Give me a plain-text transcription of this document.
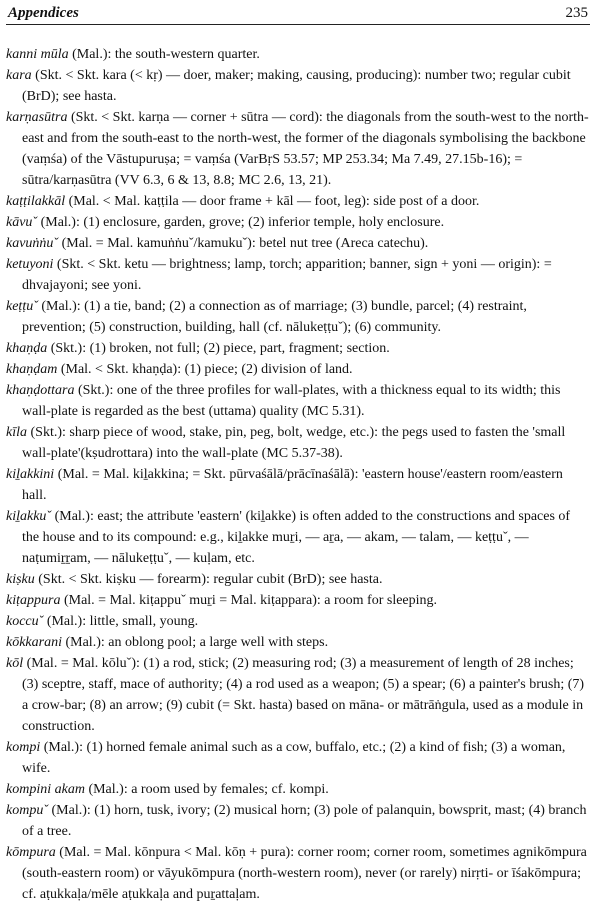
Appendices	235

kanni mūla (Mal.): the south-western quarter.

kara (Skt. < Skt. kara (< kṛ) — doer, maker; making, causing, producing): number two; regular cubit (BrD); see hasta.

karṇasūtra (Skt. < Skt. karṇa — corner + sūtra — cord): the diagonals from the south-west to the north-east and from the south-east to the north-west, the former of the diagonals symbolising the backbone (vaṃśa) of the Vāstupuruṣa; = vaṃśa (VarBṛS 53.57; MP 253.34; Ma 7.49, 27.15b-16); = sūtra/karṇasūtra (VV 6.3, 6 & 13, 8.8; MC 2.6, 13, 21).

kaṭṭilakkāl (Mal. < Mal. kaṭṭila — door frame + kāl — foot, leg): side post of a door.

kāvuˇ (Mal.): (1) enclosure, garden, grove; (2) inferior temple, holy enclosure.

kavuṅṅuˇ (Mal. = Mal. kamuṅṅuˇ/kamukuˇ): betel nut tree (Areca catechu).

ketuyoni (Skt. < Skt. ketu — brightness; lamp, torch; apparition; banner, sign + yoni — origin): = dhvajayoni; see yoni.

keṭṭuˇ (Mal.): (1) a tie, band; (2) a connection as of marriage; (3) bundle, parcel; (4) restraint, prevention; (5) construction, building, hall (cf. nālukeṭṭuˇ); (6) community.

khaṇḍa (Skt.): (1) broken, not full; (2) piece, part, fragment; section.

khaṇḍam (Mal. < Skt. khaṇḍa): (1) piece; (2) division of land.

khaṇḍottara (Skt.): one of the three profiles for wall-plates, with a thickness equal to its width; this wall-plate is regarded as the best (uttama) quality (MC 5.31).

kīla (Skt.): sharp piece of wood, stake, pin, peg, bolt, wedge, etc.): the pegs used to fasten the 'small wall-plate'(kṣudrottara) into the wall-plate (MC 5.37-38).

kiḻakkini (Mal. = Mal. kiḻakkina; = Skt. pūrvaśālā/prācīnaśālā): 'eastern house'/eastern room/eastern hall.

kiḻakkuˇ (Mal.): east; the attribute 'eastern' (kiḻakke) is often added to the constructions and spaces of the house and to its compound: e.g., kiḻakke muṟi, — aṟa, — akam, — talam, — keṭṭuˇ, — naṭumiṟṟam, — nālukeṭṭuˇ, — kuḷam, etc.

kiṣku (Skt. < Skt. kiṣku — forearm): regular cubit (BrD); see hasta.

kiṭappura (Mal. = Mal. kiṭappuˇ muṟi = Mal. kiṭappara): a room for sleeping.

koccuˇ (Mal.): little, small, young.

kōkkarani (Mal.): an oblong pool; a large well with steps.

kōl (Mal. = Mal. kōluˇ): (1) a rod, stick; (2) measuring rod; (3) a measurement of length of 28 inches; (3) sceptre, staff, mace of authority; (4) a rod used as a weapon; (5) a spear; (6) a painter's brush; (7) a crow-bar; (8) an arrow; (9) cubit (= Skt. hasta) based on māna- or mātrāṅgula, used as a module in construction.

kompi (Mal.): (1) horned female animal such as a cow, buffalo, etc.; (2) a kind of fish; (3) a woman, wife.

kompini akam (Mal.): a room used by females; cf. kompi.

kompuˇ (Mal.): (1) horn, tusk, ivory; (2) musical horn; (3) pole of palanquin, bowsprit, mast; (4) branch of a tree.

kōmpura (Mal. = Mal. kōnpura < Mal. kōṇ + pura): corner room; corner room, sometimes agnikōmpura (south-eastern room) or vāyukōmpura (north-western room), never (or rarely) nirṛti- or īśakōmpura; cf. aṭukkaḷa/mēle aṭukkaḷa and puṟattaḷam.
